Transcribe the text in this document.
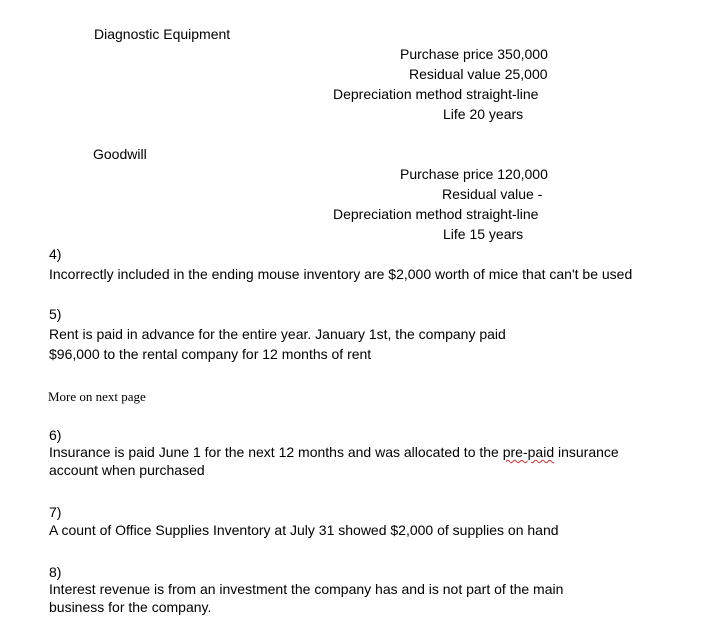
Diagnostic Equipment
Purchase price 350,000
Residual value 25,000
Depreciation method straight-line
Life 20 years
Goodwill
Purchase price 120,000
Residual value -
Depreciation method straight-line
Life 15 years
4)
Incorrectly included in the ending mouse inventory are $2,000 worth of mice that can't be used
5)
Rent is paid in advance for the entire year. January 1st, the company paid
$96,000 to the rental company for 12 months of rent
More on next page
6)
Insurance is paid June 1 for the next 12 months and was allocated to the pre-paid insurance
account when purchased
7)
A count of Office Supplies Inventory at July 31 showed $2,000 of supplies on hand
8)
Interest revenue is from an investment the company has and is not part of the main
business for the company.
